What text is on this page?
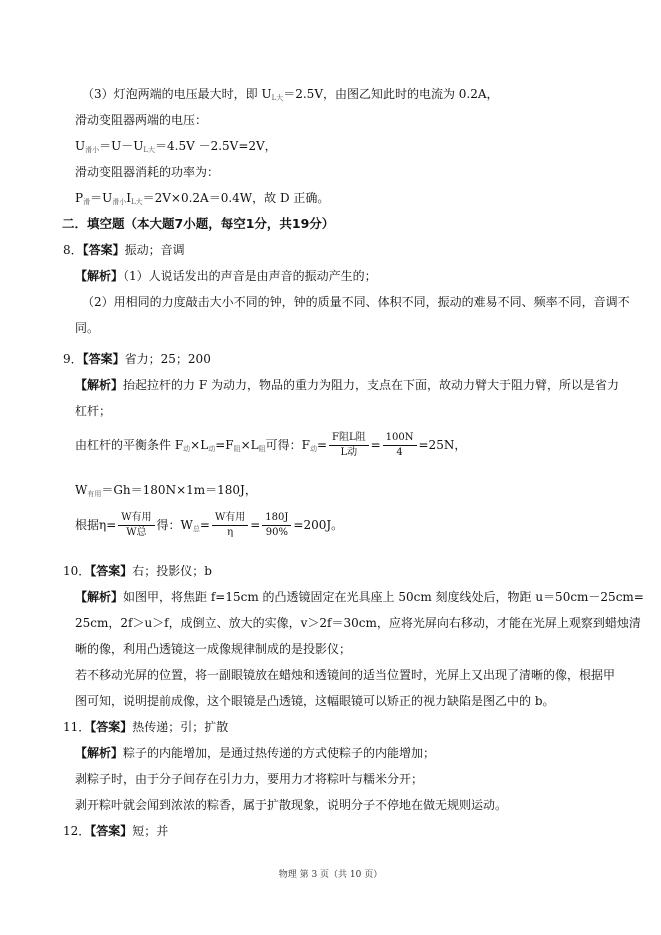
（3）灯泡两端的电压最大时，即 $U_{L大}=2.5V$，由图乙知此时的电流为 0.2A，
滑动变阻器两端的电压：
$U_{滑小}=U-U_{L大}=4.5V -2.5V=2V$，
滑动变阻器消耗的功率为：
$P_滑=U_{滑小}I_{L大}=2V\times 0.2A=0.4W$，故 D 正确。
二．填空题（本大题7小题，每空1分，共19分）
8．【答案】振动；音调
【解析】（1）人说话发出的声音是由声音的振动产生的；
（2）用相同的力度敲击大小不同的钟，钟的质量不同、体积不同，振动的难易不同、频率不同，音调不
同。
9．【答案】省力；25；200
【解析】抬起拉杆的力 F 为动力，物品的重力为阻力，支点在下面，故动力臂大于阻力臂，所以是省力
杠杆；
由杠杆的平衡条件 $F_动\times L_动=F_阻\times L_阻$可得：$F_动= \frac{\text{F阻L阻}}{\text{L动}} = \frac{100N}{4} =25N$，
$W_{有用}=Gh=180N\times 1m=180J$，
根据$\eta= \frac{\text{W有用}}{\text{W总}}$ 得：$W_总= \frac{\text{W有用}}{\eta} = \frac{180J}{90\%} =200J$。
10．【答案】右；投影仪；b
【解析】如图甲，将焦距 f=15cm 的凸透镜固定在光具座上 50cm 刻度线处后，物距 u＝50cm－25cm=
25cm，2f＞u＞f，成倒立、放大的实像，v＞2f＝30cm，应将光屏向右移动，才能在光屏上观察到蜡烛清
晰的像，利用凸透镜这一成像规律制成的是投影仪；
若不移动光屏的位置，将一副眼镜放在蜡烛和透镜间的适当位置时，光屏上又出现了清晰的像，根据甲
图可知，说明提前成像，这个眼镜是凸透镜，这幅眼镜可以矫正的视力缺陷是图乙中的 b。
11．【答案】热传递；引；扩散
【解析】粽子的内能增加，是通过热传递的方式使粽子的内能增加；
剥粽子时，由于分子间存在引力力，要用力才将粽叶与糯米分开；
剥开粽叶就会闻到浓浓的粽香，属于扩散现象，说明分子不停地在做无规则运动。
12．【答案】短；并
物理 第 3 页（共 10 页）
